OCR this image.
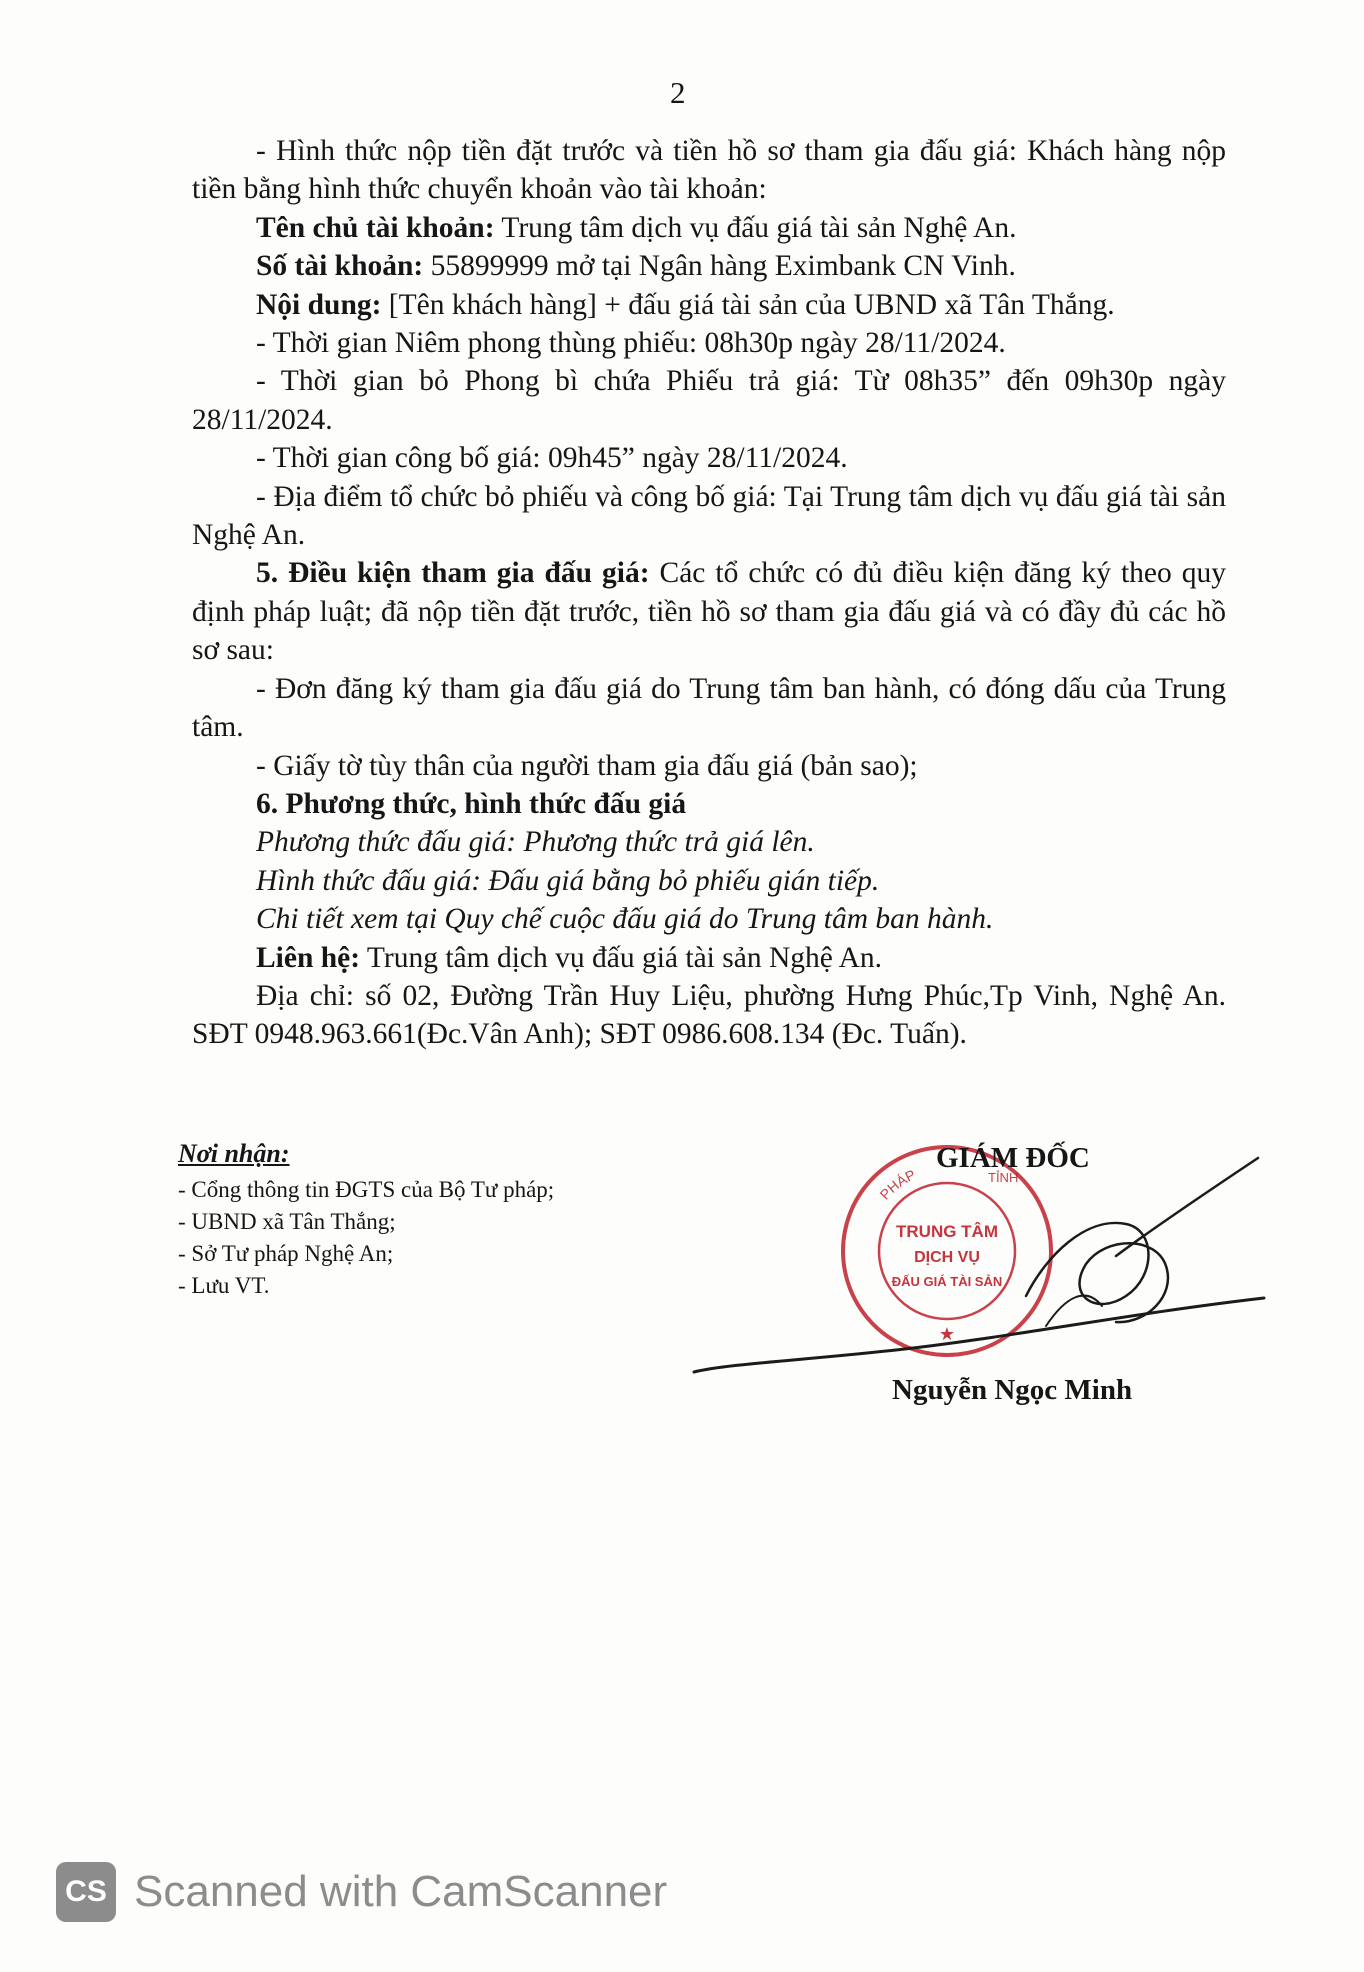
2

- Hình thức nộp tiền đặt trước và tiền hồ sơ tham gia đấu giá: Khách hàng nộp tiền bằng hình thức chuyển khoản vào tài khoản:

Tên chủ tài khoản: Trung tâm dịch vụ đấu giá tài sản Nghệ An.

Số tài khoản: 55899999 mở tại Ngân hàng Eximbank CN Vinh.

Nội dung: [Tên khách hàng] + đấu giá tài sản của UBND xã Tân Thắng.

- Thời gian Niêm phong thùng phiếu: 08h30p ngày 28/11/2024.

- Thời gian bỏ Phong bì chứa Phiếu trả giá: Từ 08h35” đến 09h30p ngày 28/11/2024.

- Thời gian công bố giá: 09h45” ngày 28/11/2024.

- Địa điểm tổ chức bỏ phiếu và công bố giá: Tại Trung tâm dịch vụ đấu giá tài sản Nghệ An.

5. Điều kiện tham gia đấu giá: Các tổ chức có đủ điều kiện đăng ký theo quy định pháp luật; đã nộp tiền đặt trước, tiền hồ sơ tham gia đấu giá và có đầy đủ các hồ sơ sau:

- Đơn đăng ký tham gia đấu giá do Trung tâm ban hành, có đóng dấu của Trung tâm.

- Giấy tờ tùy thân của người tham gia đấu giá (bản sao);

6. Phương thức, hình thức đấu giá

Phương thức đấu giá: Phương thức trả giá lên.

Hình thức đấu giá: Đấu giá bằng bỏ phiếu gián tiếp.

Chi tiết xem tại Quy chế cuộc đấu giá do Trung tâm ban hành.

Liên hệ: Trung tâm dịch vụ đấu giá tài sản Nghệ An.

Địa chỉ: số 02, Đường Trần Huy Liệu, phường Hưng Phúc,Tp Vinh, Nghệ An. SĐT 0948.963.661(Đc.Vân Anh); SĐT 0986.608.134 (Đc. Tuấn).

Nơi nhận:
- Cổng thông tin ĐGTS của Bộ Tư pháp;
- UBND xã Tân Thắng;
- Sở Tư pháp Nghệ An;
- Lưu VT.
PHÁP	TỈNH
TRUNG TÂM
DỊCH VỤ
ĐẤU GIÁ TÀI SẢN
★
GIÁM ĐỐC
Nguyễn Ngọc Minh
CS Scanned with CamScanner
